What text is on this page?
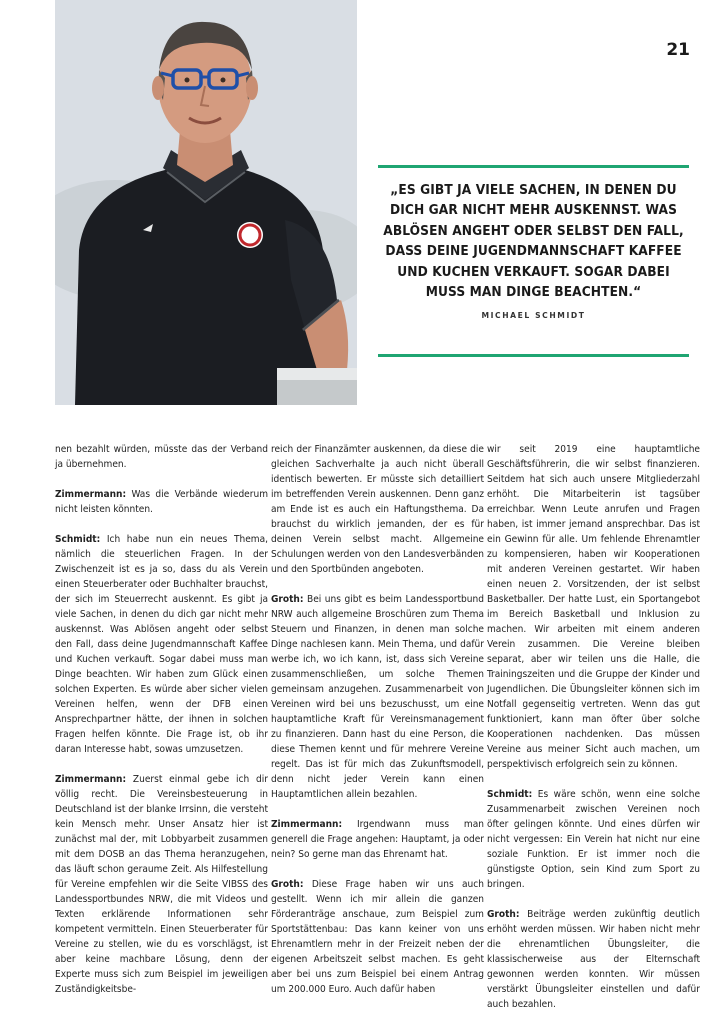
21
„ES GIBT JA VIELE SACHEN, IN DENEN DU DICH GAR NICHT MEHR AUSKENNST. WAS ABLÖSEN ANGEHT ODER SELBST DEN FALL, DASS DEINE JUGENDMANNSCHAFT KAFFEE UND KUCHEN VERKAUFT. SOGAR DABEI MUSS MAN DINGE BEACHTEN.“
MICHAEL SCHMIDT

nen bezahlt würden, müsste das der Verband ja übernehmen.

Zimmermann: Was die Verbände wiederum nicht leisten könnten.

Schmidt: Ich habe nun ein neues Thema, nämlich die steuerlichen Fragen. In der Zwischenzeit ist es ja so, dass du als Verein einen Steuerberater oder Buchhalter brauchst, der sich im Steuerrecht auskennt. Es gibt ja viele Sachen, in denen du dich gar nicht mehr auskennst. Was Ablösen angeht oder selbst den Fall, dass deine Jugendmannschaft Kaffee und Kuchen verkauft. Sogar dabei muss man Dinge beachten. Wir haben zum Glück einen solchen Experten. Es würde aber sicher vielen Vereinen helfen, wenn der DFB einen Ansprechpartner hätte, der ihnen in solchen Fragen helfen könnte. Die Frage ist, ob ihr daran Interesse habt, sowas umzusetzen.

Zimmermann: Zuerst einmal gebe ich dir völlig recht. Die Vereinsbesteuerung in Deutschland ist der blanke Irrsinn, die versteht kein Mensch mehr. Unser Ansatz hier ist zunächst mal der, mit Lobbyarbeit zusammen mit dem DOSB an das Thema heranzugehen, das läuft schon geraume Zeit. Als Hilfestellung für Vereine empfehlen wir die Seite VIBSS des Landessportbundes NRW, die mit Videos und Texten erklärende Informationen sehr kompetent vermitteln. Einen Steuerberater für Vereine zu stellen, wie du es vorschlägst, ist aber keine machbare Lösung, denn der Experte muss sich zum Beispiel im jeweiligen Zuständigkeitsbe-

reich der Finanzämter auskennen, da diese die gleichen Sachverhalte ja auch nicht überall identisch bewerten. Er müsste sich detailliert im betreffenden Verein auskennen. Denn ganz am Ende ist es auch ein Haftungsthema. Da brauchst du wirklich jemanden, der es für deinen Verein selbst macht. Allgemeine Schulungen werden von den Landesverbänden und den Sportbünden angeboten.

Groth: Bei uns gibt es beim Landessportbund NRW auch allgemeine Broschüren zum Thema Steuern und Finanzen, in denen man solche Dinge nachlesen kann. Mein Thema, und dafür werbe ich, wo ich kann, ist, dass sich Vereine zusammenschließen, um solche Themen gemeinsam anzugehen. Zusammenarbeit von Vereinen wird bei uns bezuschusst, um eine hauptamtliche Kraft für Vereinsmanagement zu finanzieren. Dann hast du eine Person, die diese Themen kennt und für mehrere Vereine regelt. Das ist für mich das Zukunftsmodell, denn nicht jeder Verein kann einen Hauptamtlichen allein bezahlen.

Zimmermann: Irgendwann muss man generell die Frage angehen: Hauptamt, ja oder nein? So gerne man das Ehrenamt hat.

Groth: Diese Frage haben wir uns auch gestellt. Wenn ich mir allein die ganzen Förderanträge anschaue, zum Beispiel zum Sportstättenbau: Das kann keiner von uns Ehrenamtlern mehr in der Freizeit neben der eigenen Arbeitszeit selbst machen. Es geht aber bei uns zum Beispiel bei einem Antrag um 200.000 Euro. Auch dafür haben

wir seit 2019 eine hauptamtliche Geschäftsführerin, die wir selbst finanzieren. Seitdem hat sich auch unsere Mitgliederzahl erhöht. Die Mitarbeiterin ist tagsüber erreichbar. Wenn Leute anrufen und Fragen haben, ist immer jemand ansprechbar. Das ist ein Gewinn für alle. Um fehlende Ehrenamtler zu kompensieren, haben wir Kooperationen mit anderen Vereinen gestartet. Wir haben einen neuen 2. Vorsitzenden, der ist selbst Basketballer. Der hatte Lust, ein Sportangebot im Bereich Basketball und Inklusion zu machen. Wir arbeiten mit einem anderen Verein zusammen. Die Vereine bleiben separat, aber wir teilen uns die Halle, die Trainingszeiten und die Gruppe der Kinder und Jugendlichen. Die Übungsleiter können sich im Notfall gegenseitig vertreten. Wenn das gut funktioniert, kann man öfter über solche Kooperationen nachdenken. Das müssen Vereine aus meiner Sicht auch machen, um perspektivisch erfolgreich sein zu können.

Schmidt: Es wäre schön, wenn eine solche Zusammenarbeit zwischen Vereinen noch öfter gelingen könnte. Und eines dürfen wir nicht vergessen: Ein Verein hat nicht nur eine soziale Funktion. Er ist immer noch die günstigste Option, sein Kind zum Sport zu bringen.

Groth: Beiträge werden zukünftig deutlich erhöht werden müssen. Wir haben nicht mehr die ehrenamtlichen Übungsleiter, die klassischerweise aus der Elternschaft gewonnen werden konnten. Wir müssen verstärkt Übungsleiter einstellen und dafür auch bezahlen.
